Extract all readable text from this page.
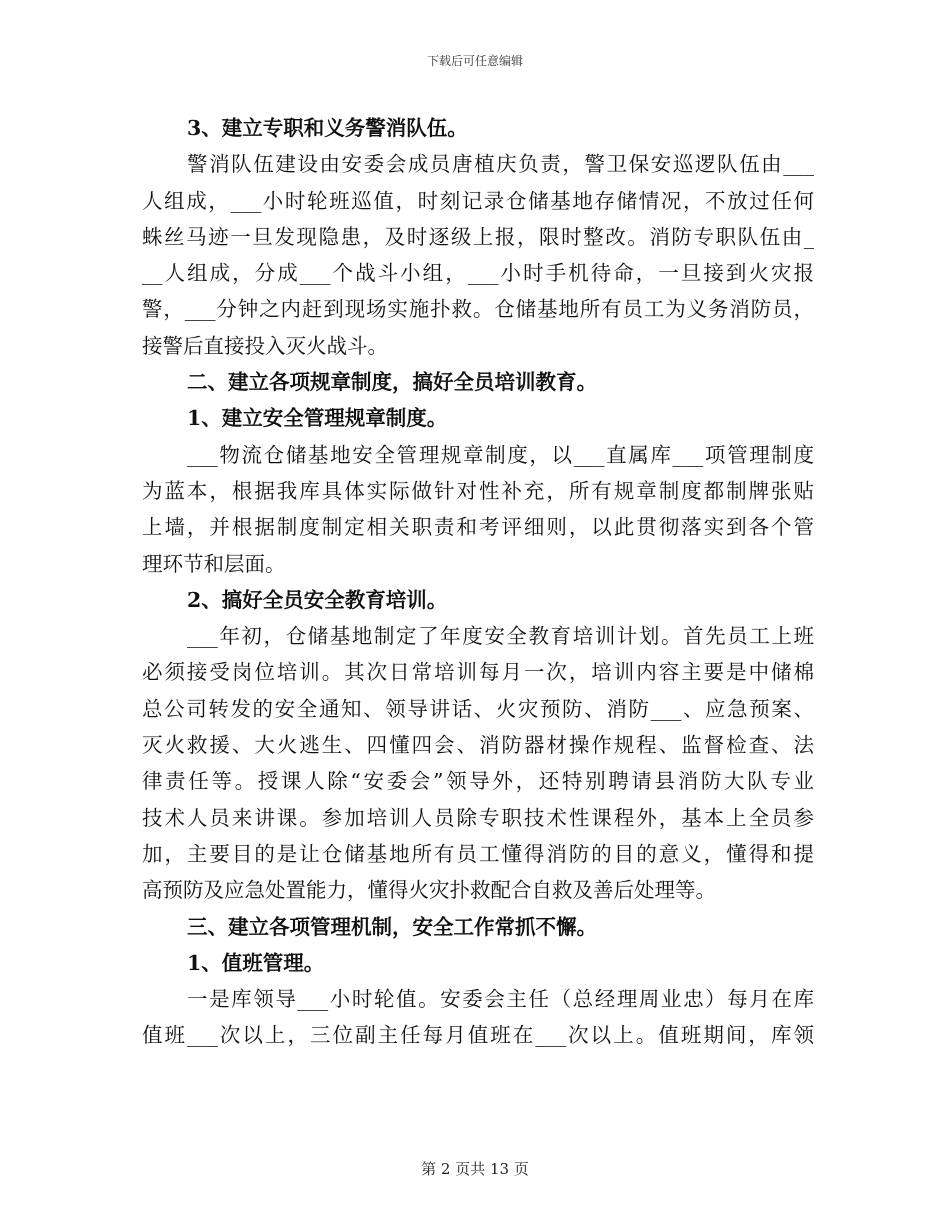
下载后可任意编辑
3、建立专职和义务警消队伍。
警消队伍建设由安委会成员唐植庆负责，警卫保安巡逻队伍由___
人组成，___小时轮班巡值，时刻记录仓储基地存储情况，不放过任何
蛛丝马迹一旦发现隐患，及时逐级上报，限时整改。消防专职队伍由_
__人组成，分成___个战斗小组，___小时手机待命，一旦接到火灾报
警，___分钟之内赶到现场实施扑救。仓储基地所有员工为义务消防员，
接警后直接投入灭火战斗。
二、建立各项规章制度，搞好全员培训教育。
1、建立安全管理规章制度。
___物流仓储基地安全管理规章制度，以___直属库___项管理制度
为蓝本，根据我库具体实际做针对性补充，所有规章制度都制牌张贴
上墙，并根据制度制定相关职责和考评细则，以此贯彻落实到各个管
理环节和层面。
2、搞好全员安全教育培训。
___年初，仓储基地制定了年度安全教育培训计划。首先员工上班
必须接受岗位培训。其次日常培训每月一次，培训内容主要是中储棉
总公司转发的安全通知、领导讲话、火灾预防、消防___、应急预案、
灭火救援、大火逃生、四懂四会、消防器材操作规程、监督检查、法
律责任等。授课人除“安委会”领导外，还特别聘请县消防大队专业
技术人员来讲课。参加培训人员除专职技术性课程外，基本上全员参
加，主要目的是让仓储基地所有员工懂得消防的目的意义，懂得和提
高预防及应急处置能力，懂得火灾扑救配合自救及善后处理等。
三、建立各项管理机制，安全工作常抓不懈。
1、值班管理。
一是库领导___小时轮值。安委会主任（总经理周业忠）每月在库
值班___次以上，三位副主任每月值班在___次以上。值班期间，库领
第 2 页共 13 页
